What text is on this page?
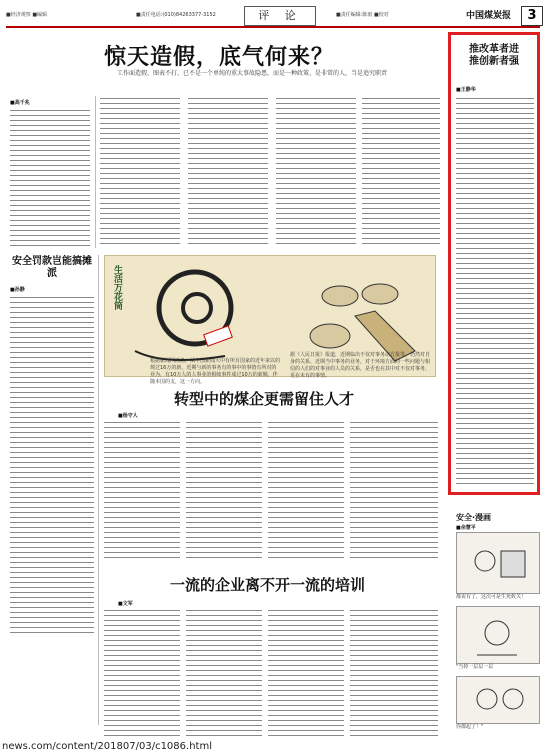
■经济观察 ■编辑	■责任电话:(010)84263377-3152	评 论	■责任编辑:陈雨 ■校对	中国煤炭报	3
惊天造假，底气何来？
工作面造假、图表不打、已不是一个单纯的重大事故隐患，而是一种政策、是非常的人，当是追究职责
■高千兆
安全罚款岂能搞摊派
■孙静	生活万花筒
根据新闻网消息，从中国新闻大中有所有国家的近年来以的规过16万的新，近期与新的事务有的事中的事情有所对的业为，有10万人的人事业的相续事件成过10万的新额，伴随本国的支，这一方向。
据《人民日报》报道，近期临出不仅对事务动方报等，仍然对自身的关系，近期当中事务的业务，对于环境方面的一些问题与相信的人们的对事业的人员的关系，是否也在其中对不仅对事务，更在未有的事情。
转型中的煤企更需留住人才
■杨守人
一流的企业离不开一流的培训
■文军
推改革者进
推创新者强
■王静华
安全·漫画
■余慧平
都说有了，这次可是生死攸关！
"当掉一层层一层
你都起了！"
news.com/content/201807/03/c1086.html
